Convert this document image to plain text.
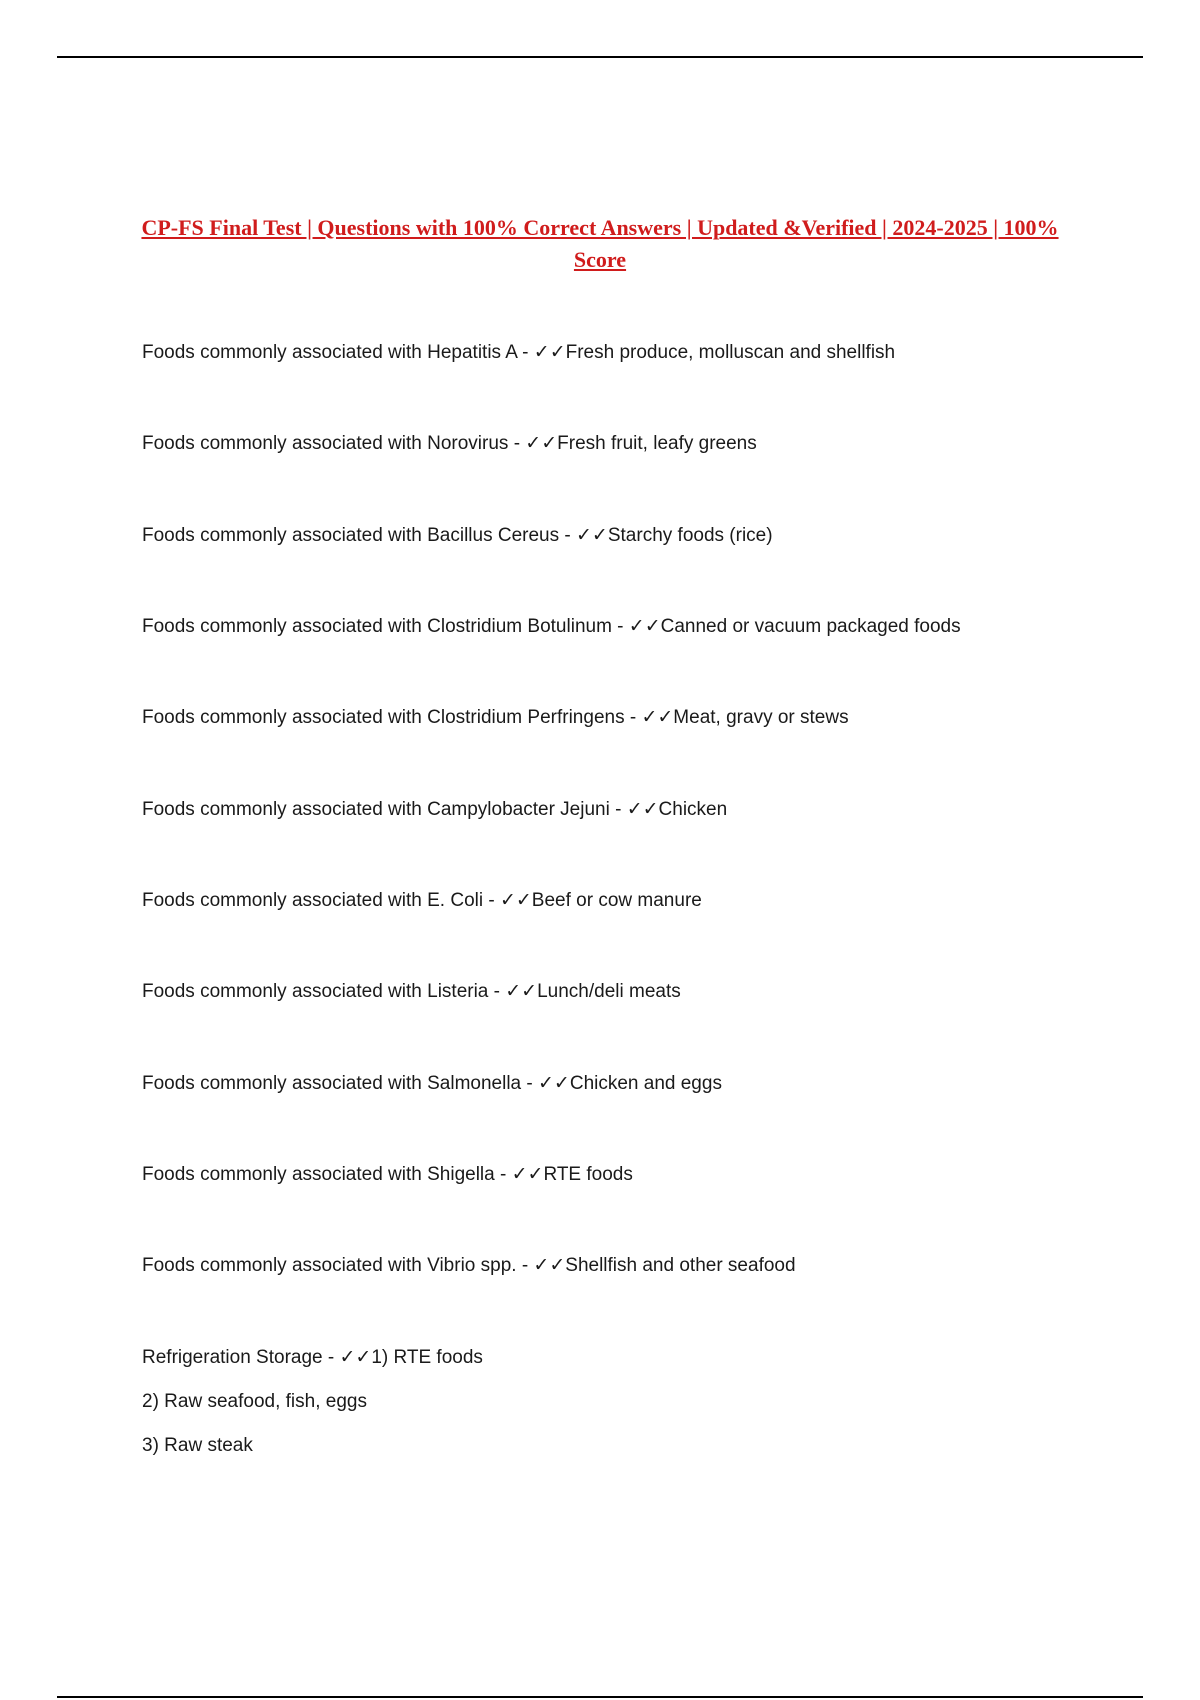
CP-FS Final Test | Questions with 100% Correct Answers | Updated &Verified | 2024-2025 | 100% Score
Foods commonly associated with Hepatitis A - ✓✓Fresh produce, molluscan and shellfish
Foods commonly associated with Norovirus - ✓✓Fresh fruit, leafy greens
Foods commonly associated with Bacillus Cereus - ✓✓Starchy foods (rice)
Foods commonly associated with Clostridium Botulinum - ✓✓Canned or vacuum packaged foods
Foods commonly associated with Clostridium Perfringens - ✓✓Meat, gravy or stews
Foods commonly associated with Campylobacter Jejuni - ✓✓Chicken
Foods commonly associated with E. Coli - ✓✓Beef or cow manure
Foods commonly associated with Listeria - ✓✓Lunch/deli meats
Foods commonly associated with Salmonella - ✓✓Chicken and eggs
Foods commonly associated with Shigella - ✓✓RTE foods
Foods commonly associated with Vibrio spp. - ✓✓Shellfish and other seafood
Refrigeration Storage - ✓✓1) RTE foods
2) Raw seafood, fish, eggs
3) Raw steak
